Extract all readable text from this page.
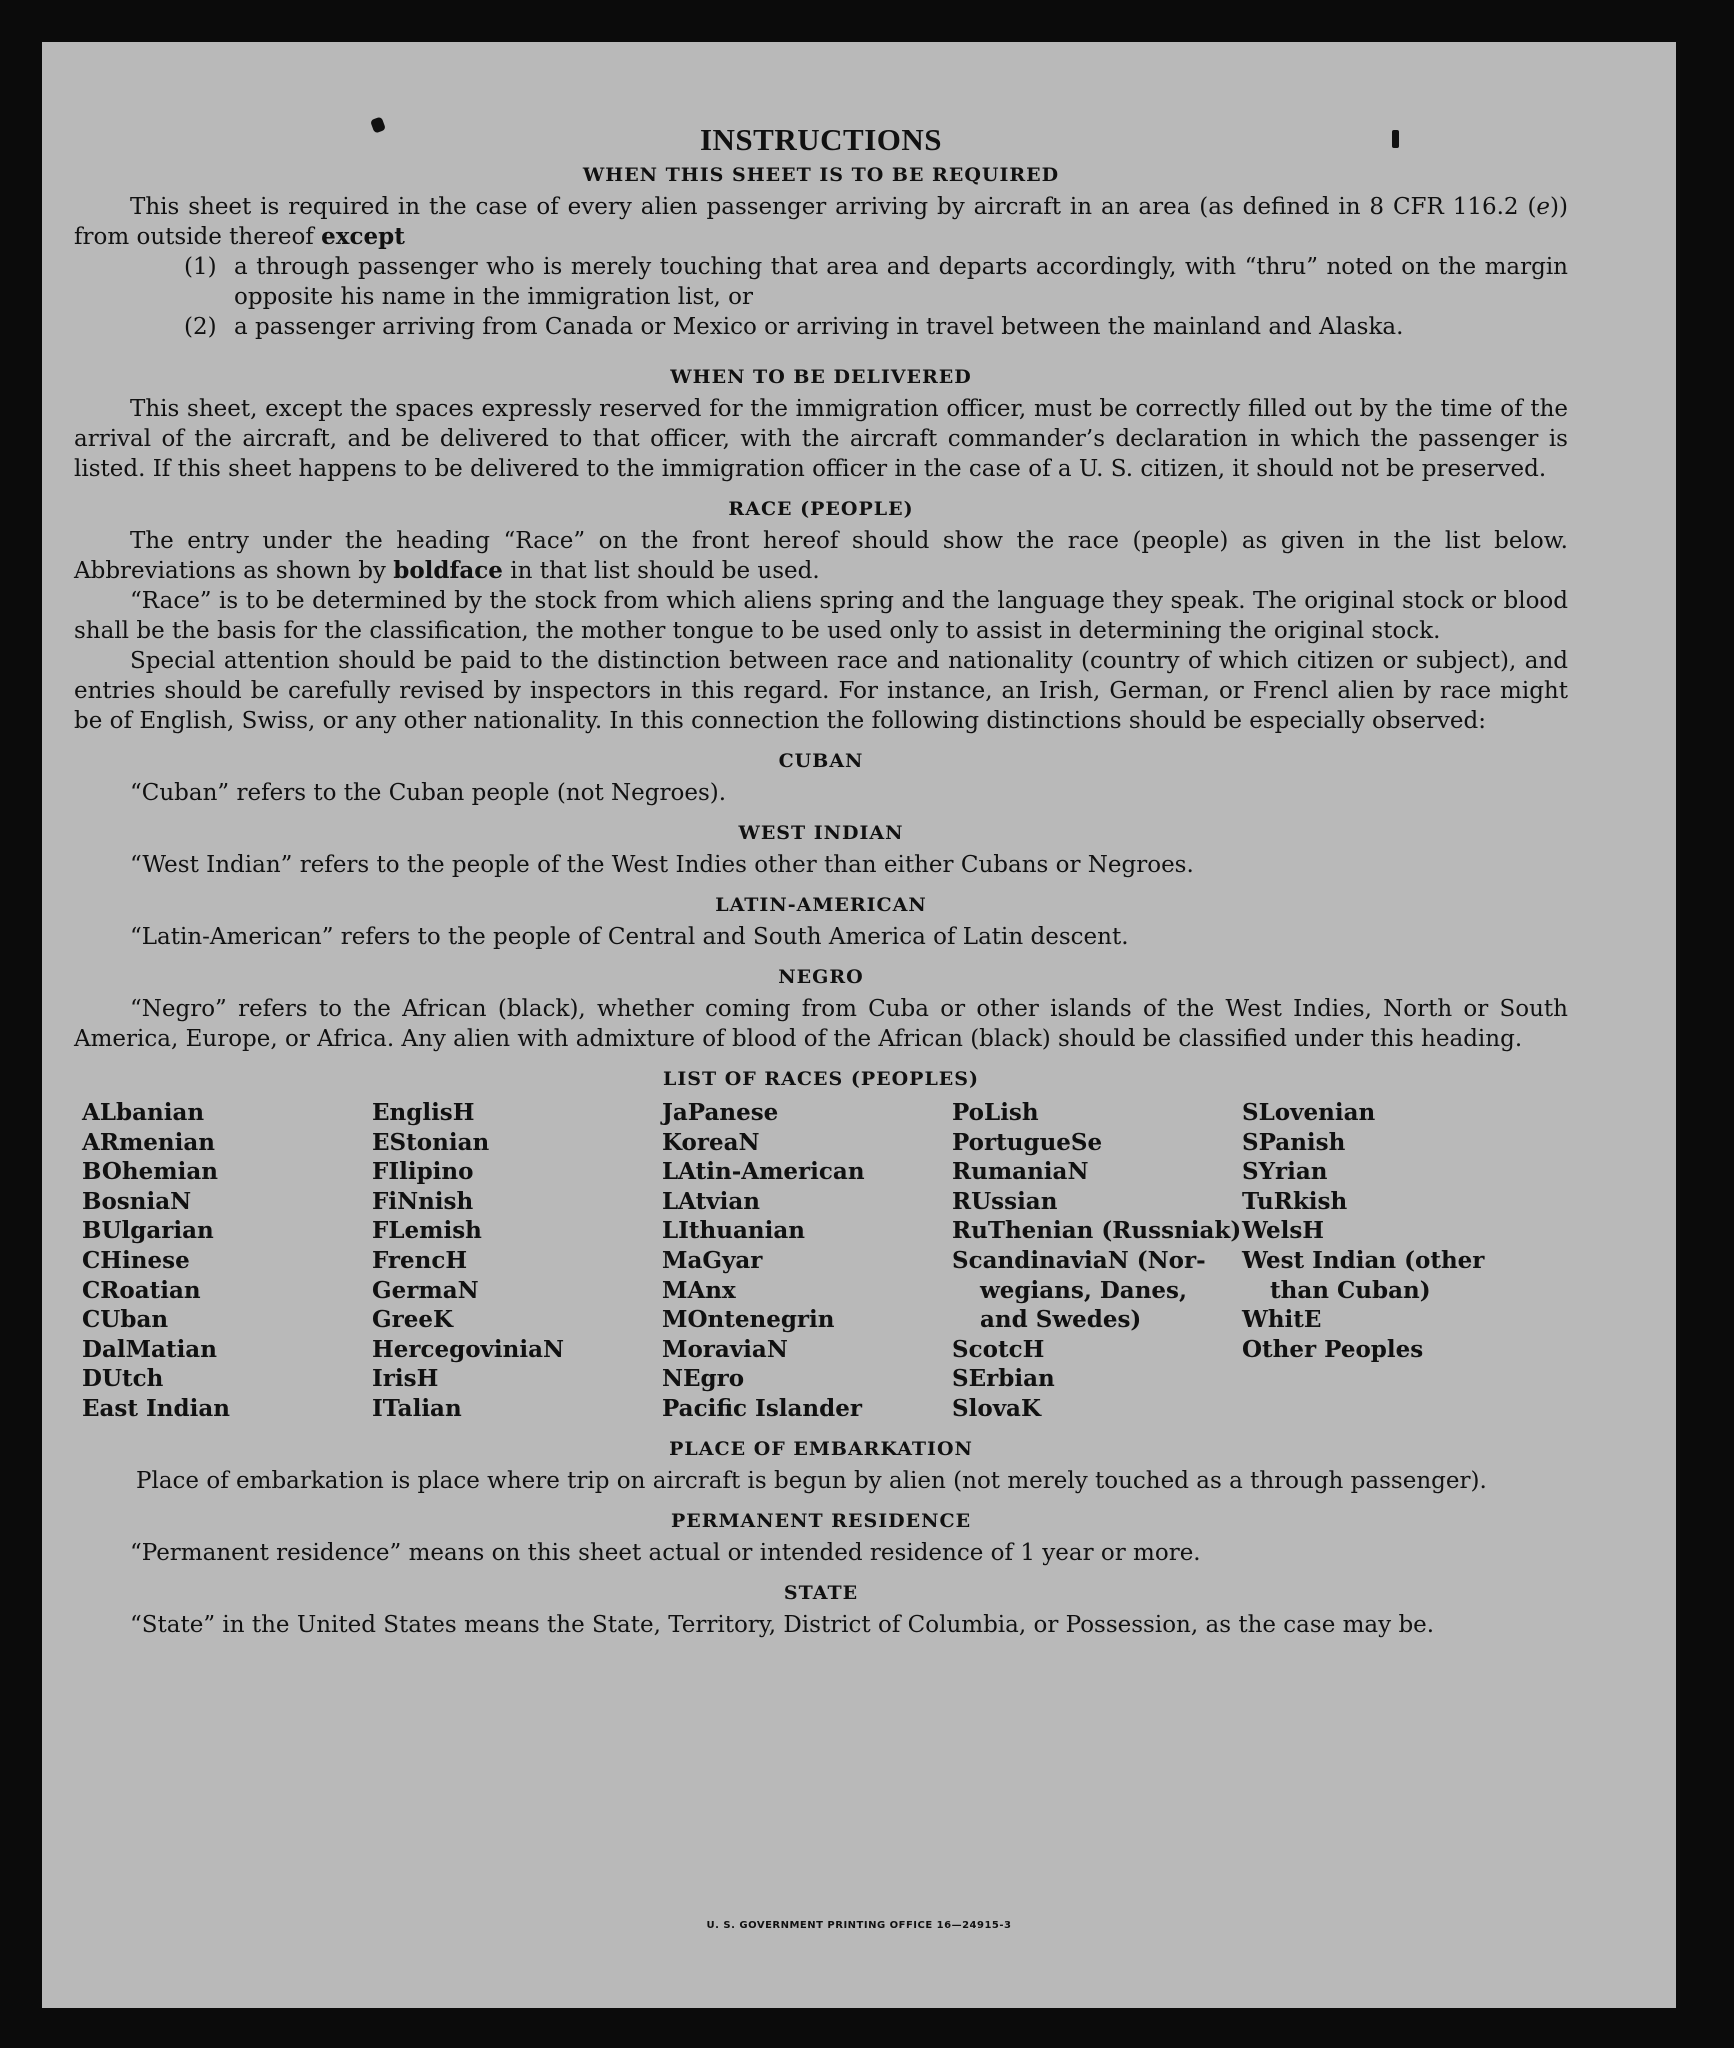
INSTRUCTIONS
WHEN THIS SHEET IS TO BE REQUIRED

This sheet is required in the case of every alien passenger arriving by aircraft in an area (as defined in 8 CFR 116.2 (e)) from outside thereof except

(1) a through passenger who is merely touching that area and departs accordingly, with “thru” noted on the margin opposite his name in the immigration list, or
(2) a passenger arriving from Canada or Mexico or arriving in travel between the mainland and Alaska.
WHEN TO BE DELIVERED

This sheet, except the spaces expressly reserved for the immigration officer, must be correctly filled out by the time of the arrival of the aircraft, and be delivered to that officer, with the aircraft commander’s declaration in which the passenger is listed. If this sheet happens to be delivered to the immigration officer in the case of a U. S. citizen, it should not be preserved.

RACE (PEOPLE)

The entry under the heading “Race” on the front hereof should show the race (people) as given in the list below. Abbreviations as shown by boldface in that list should be used.

“Race” is to be determined by the stock from which aliens spring and the language they speak. The original stock or blood shall be the basis for the classification, the mother tongue to be used only to assist in determining the original stock.

Special attention should be paid to the distinction between race and nationality (country of which citizen or subject), and entries should be carefully revised by inspectors in this regard. For instance, an Irish, German, or Frencl alien by race might be of English, Swiss, or any other nationality. In this connection the following distinctions should be especially observed:

CUBAN

“Cuban” refers to the Cuban people (not Negroes).

WEST INDIAN

“West Indian” refers to the people of the West Indies other than either Cubans or Negroes.

LATIN-AMERICAN

“Latin-American” refers to the people of Central and South America of Latin descent.

NEGRO

“Negro” refers to the African (black), whether coming from Cuba or other islands of the West Indies, North or South America, Europe, or Africa. Any alien with admixture of blood of the African (black) should be classified under this heading.

LIST OF RACES (PEOPLES)
ALbanian
ARmenian
BOhemian
BosniaN
BUlgarian
CHinese
CRoatian
CUban
DalMatian
DUtch
East Indian
EnglisH
EStonian
FIlipino
FiNnish
FLemish
FrencH
GermaN
GreeK
HercegoviniaN
IrisH
ITalian
JaPanese
KoreaN
LAtin-American
LAtvian
LIthuanian
MaGyar
MAnx
MOntenegrin
MoraviaN
NEgro
Pacific Islander
PoLish
PortugueSe
RumaniaN
RUssian
RuThenian (Russniak)
ScandinaviaN (Nor-
wegians, Danes,
and Swedes)
ScotcH
SErbian
SlovaK
SLovenian
SPanish
SYrian
TuRkish
WelsH
West Indian (other
than Cuban)
WhitE
Other Peoples
PLACE OF EMBARKATION

Place of embarkation is place where trip on aircraft is begun by alien (not merely touched as a through passenger).

PERMANENT RESIDENCE

“Permanent residence” means on this sheet actual or intended residence of 1 year or more.

STATE

“State” in the United States means the State, Territory, District of Columbia, or Possession, as the case may be.

U. S. GOVERNMENT PRINTING OFFICE 16—24915-3
